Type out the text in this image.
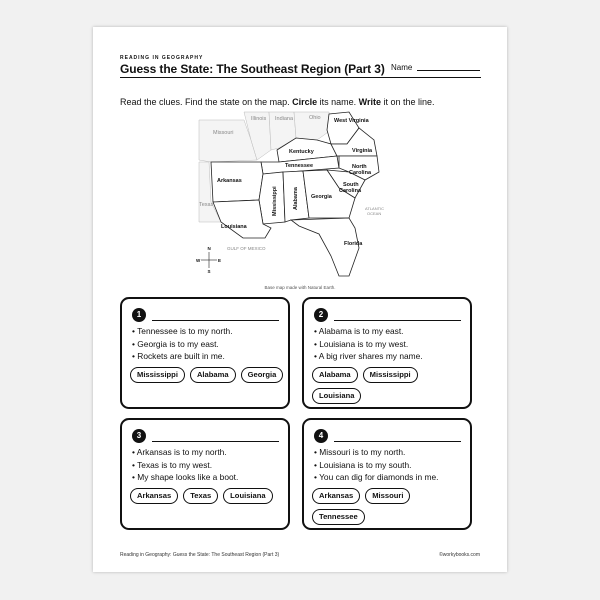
READING IN GEOGRAPHY
Guess the State: The Southeast Region (Part 3) Name
Read the clues. Find the state on the map. Circle its name. Write it on the line.
Missouri
Illinois Indiana	Ohio
Texas
ATLANTIC
OCEAN
GULF OF MEXICO
West Virginia
Kentucky	Virginia
Tennessee	North
Carolina
Arkansas
South
Carolina
Georgia
Louisiana
Florida
Mississippi	Alabama
N
S
E
W
Base map made with Natural Earth.
1
• Tennessee is to my north.
• Georgia is to my east.
• Rockets are built in me.
Mississippi	Alabama	Georgia
2
• Alabama is to my east.
• Louisiana is to my west.
• A big river shares my name.
Alabama	Mississippi
Louisiana
3
• Arkansas is to my north.
• Texas is to my west.
• My shape looks like a boot.
Arkansas	Texas	Louisiana
4
• Missouri is to my north.
• Louisiana is to my south.
• You can dig for diamonds in me.
Arkansas	Missouri
Tennessee
Reading in Geography: Guess the State: The Southeast Region (Part 3)	©workybooks.com
